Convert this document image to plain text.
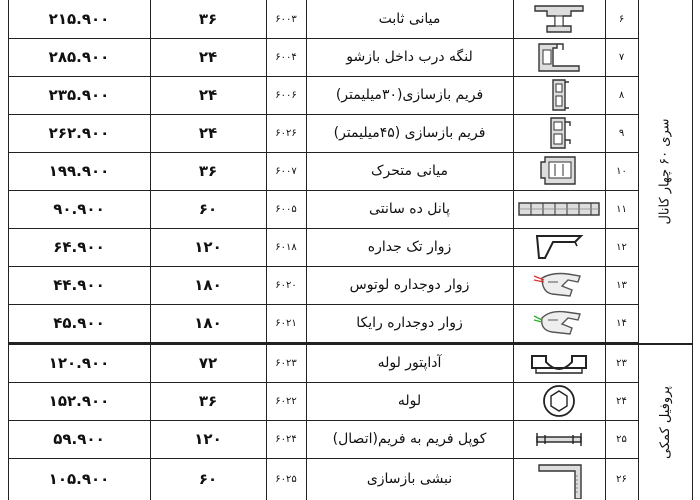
۲۱۵.۹۰۰	۳۶	۶۰۰۳	میانی ثابت	۶
۲۸۵.۹۰۰	۲۴	۶۰۰۴	لنگه درب داخل بازشو	۷
۲۳۵.۹۰۰	۲۴	۶۰۰۶	فریم بازسازی(۳۰میلیمتر)	۸
۲۶۲.۹۰۰	۲۴	۶۰۲۶	فریم بازسازی (۴۵میلیمتر)	۹
۱۹۹.۹۰۰	۳۶	۶۰۰۷	میانی متحرک	۱۰
۹۰.۹۰۰	۶۰	۶۰۰۵	پانل ده سانتی	۱۱
۶۴.۹۰۰	۱۲۰	۶۰۱۸	زوار تک جداره	۱۲
۴۴.۹۰۰	۱۸۰	۶۰۲۰	زوار دوجداره لوتوس	۱۳
۴۵.۹۰۰	۱۸۰	۶۰۲۱	زوار دوجداره رایکا	۱۴
۱۲۰.۹۰۰	۷۲	۶۰۲۳	آداپتور لوله	۲۳
۱۵۲.۹۰۰	۳۶	۶۰۲۲	لوله	۲۴
۵۹.۹۰۰	۱۲۰	۶۰۲۴	کوپل فریم به فریم(اتصال)	۲۵
۱۰۵.۹۰۰	۶۰	۶۰۲۵	نبشی بازسازی	۲۶
سری ۶۰ چهار کانال
پروفیل کمکی
